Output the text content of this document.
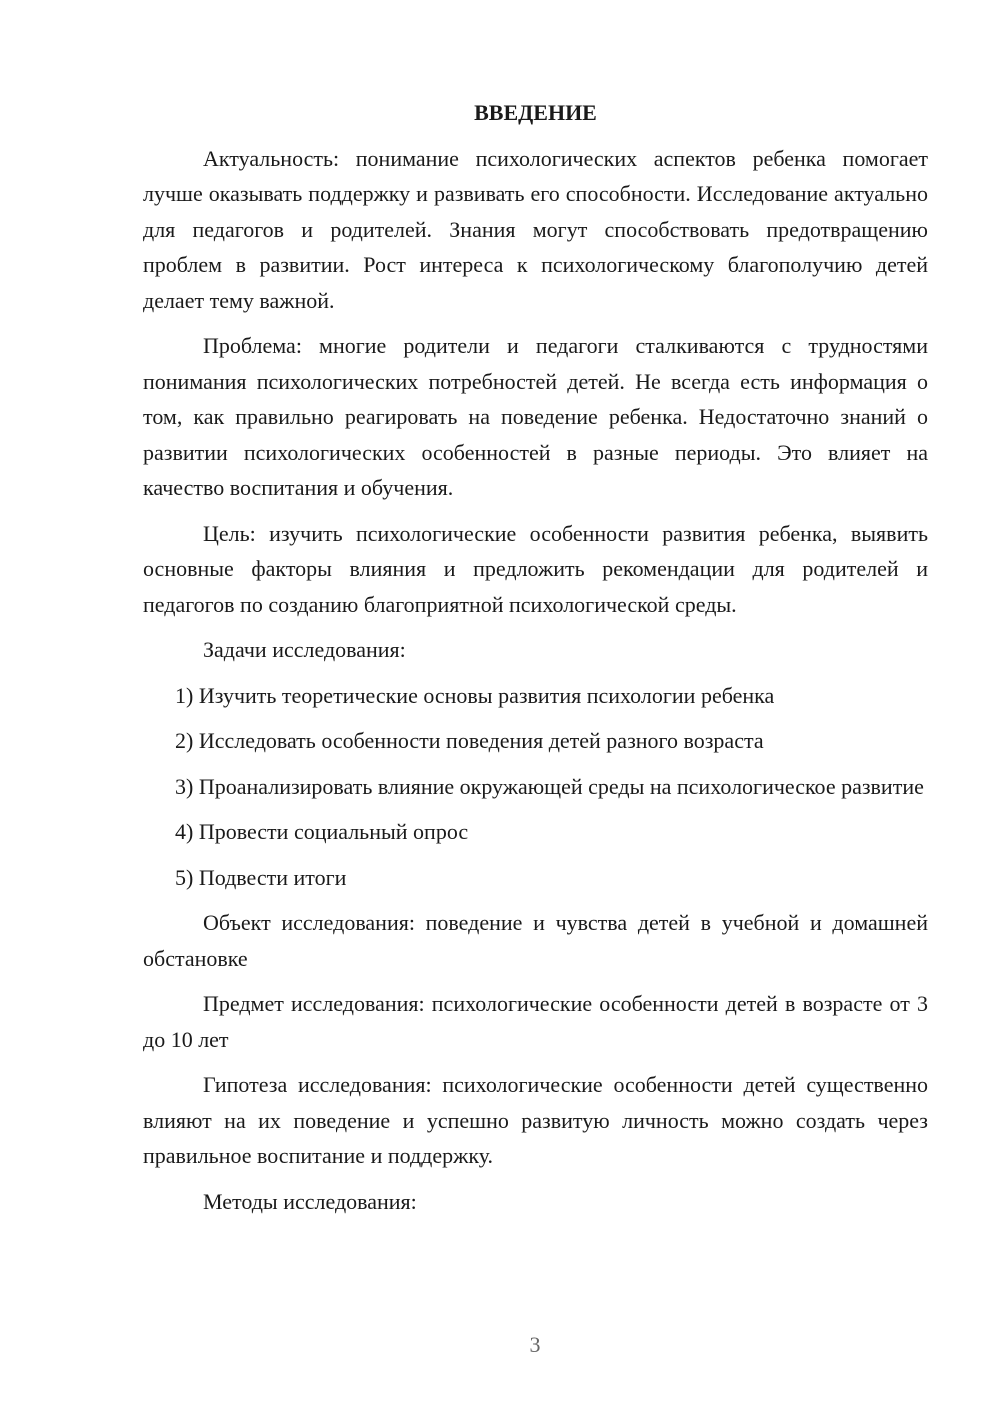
ВВЕДЕНИЕ

Актуальность: понимание психологических аспектов ребенка помогает лучше оказывать поддержку и развивать его способности. Исследование актуально для педагогов и родителей. Знания могут способствовать предотвращению проблем в развитии. Рост интереса к психологическому благополучию детей делает тему важной.

Проблема: многие родители и педагоги сталкиваются с трудностями понимания психологических потребностей детей. Не всегда есть информация о том, как правильно реагировать на поведение ребенка. Недостаточно знаний о развитии психологических особенностей в разные периоды. Это влияет на качество воспитания и обучения.

Цель: изучить психологические особенности развития ребенка, выявить основные факторы влияния и предложить рекомендации для родителей и педагогов по созданию благоприятной психологической среды.

Задачи исследования:

1) Изучить теоретические основы развития психологии ребенка

2) Исследовать особенности поведения детей разного возраста

3) Проанализировать влияние окружающей среды на психологическое развитие

4) Провести социальный опрос

5) Подвести итоги

Объект исследования: поведение и чувства детей в учебной и домашней обстановке

Предмет исследования: психологические особенности детей в возрасте от 3 до 10 лет

Гипотеза исследования: психологические особенности детей существенно влияют на их поведение и успешно развитую личность можно создать через правильное воспитание и поддержку.

Методы исследования:

3
